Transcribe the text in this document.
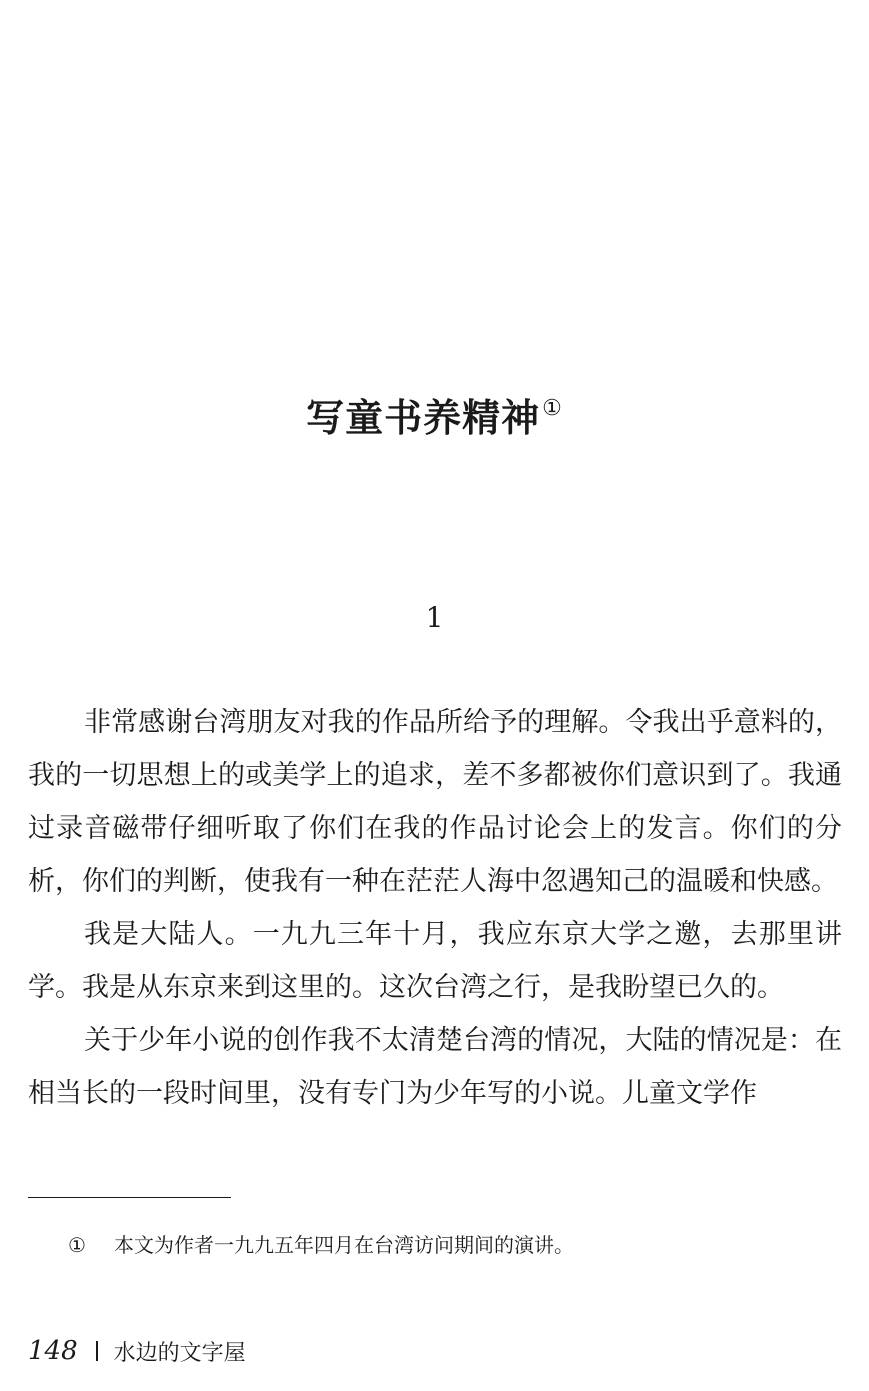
写童书养精神①
1

非常感谢台湾朋友对我的作品所给予的理解。令我出乎意料的，我的一切思想上的或美学上的追求，差不多都被你们意识到了。我通过录音磁带仔细听取了你们在我的作品讨论会上的发言。你们的分析，你们的判断，使我有一种在茫茫人海中忽遇知己的温暖和快感。

我是大陆人。一九九三年十月，我应东京大学之邀，去那里讲学。我是从东京来到这里的。这次台湾之行，是我盼望已久的。

关于少年小说的创作我不太清楚台湾的情况，大陆的情况是：在相当长的一段时间里，没有专门为少年写的小说。儿童文学作

① 本文为作者一九九五年四月在台湾访问期间的演讲。
148 水边的文字屋
